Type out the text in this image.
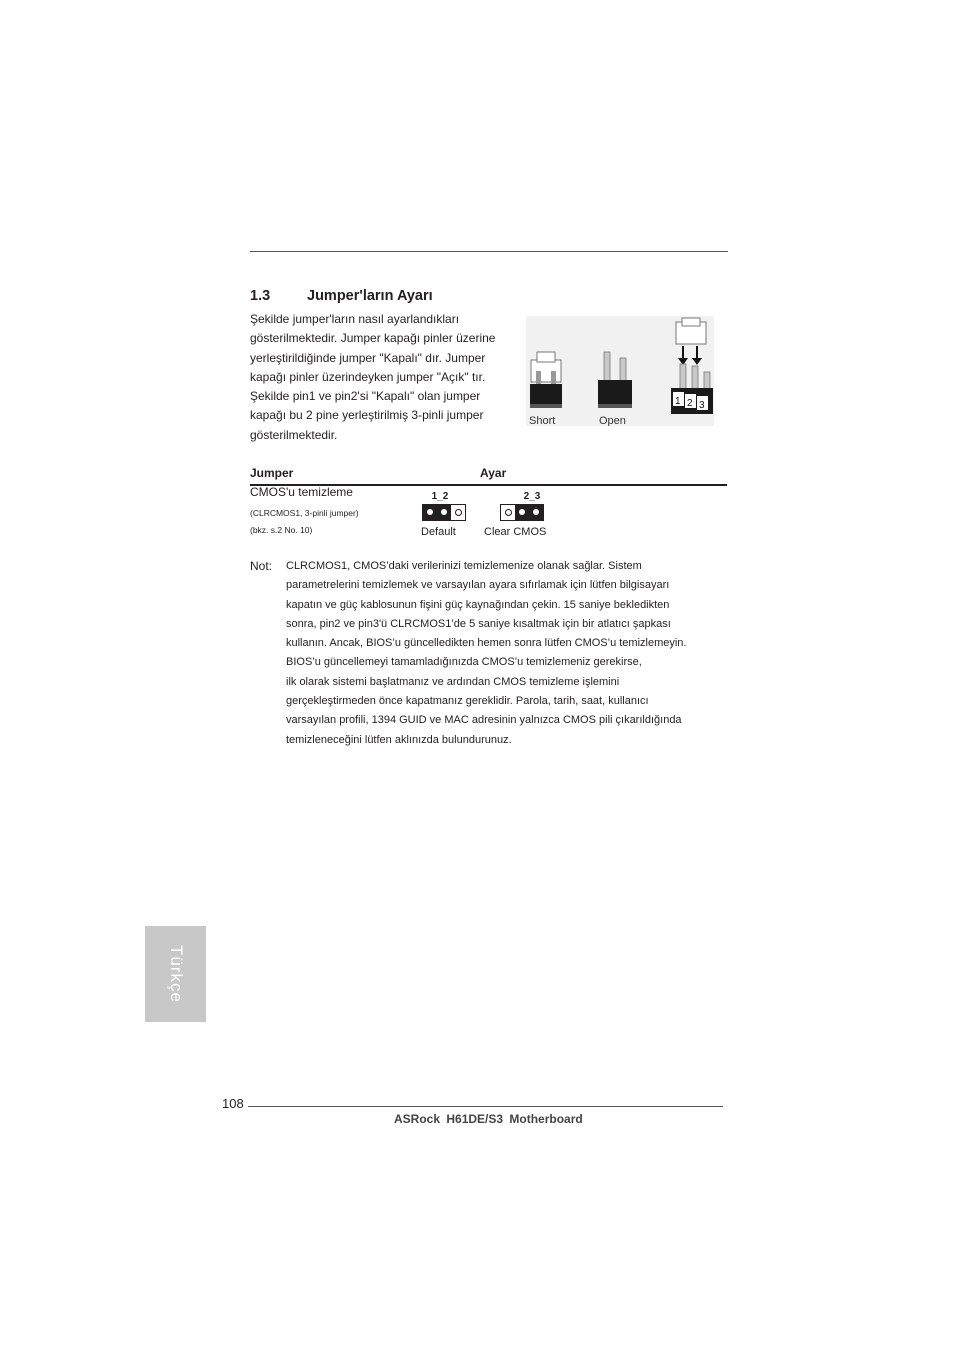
1.3	Jumper'ların Ayarı
Şekilde jumper'ların nasıl ayarlandıkları
gösterilmektedir. Jumper kapağı pinler üzerine
yerleştirildiğinde jumper "Kapalı" dır. Jumper
kapağı pinler üzerindeyken jumper "Açık" tır.
Şekilde pin1 ve pin2'si "Kapalı" olan jumper
kapağı bu 2 pine yerleştirilmiş 3-pinli jumper
gösterilmektedir.
Short	Open
1 2 3
Jumper	Ayar
CMOS'u temizleme
(CLRCMOS1, 3-pinli jumper)
(bkz. s.2 No. 10)
1_2
Default
2_3
Clear CMOS
Not: CLRCMOS1, CMOS’daki verilerinizi temizlemenize olanak sağlar. Sistem
parametrelerini temizlemek ve varsayılan ayara sıfırlamak için lütfen bilgisayarı
kapatın ve güç kablosunun fişini güç kaynağından çekin. 15 saniye bekledikten
sonra, pin2 ve pin3'ü CLRCMOS1’de 5 saniye kısaltmak için bir atlatıcı şapkası
kullanın. Ancak, BIOS’u güncelledikten hemen sonra lütfen CMOS’u temizlemeyin.
BIOS’u güncellemeyi tamamladığınızda CMOS’u temizlemeniz gerekirse,
ilk olarak sistemi başlatmanız ve ardından CMOS temizleme işlemini
gerçekleştirmeden önce kapatmanız gereklidir. Parola, tarih, saat, kullanıcı
varsayılan profili, 1394 GUID ve MAC adresinin yalnızca CMOS pili çıkarıldığında
temizleneceğini lütfen aklınızda bulundurunuz.
Türkçe
108
ASRock H61DE/S3 Motherboard
